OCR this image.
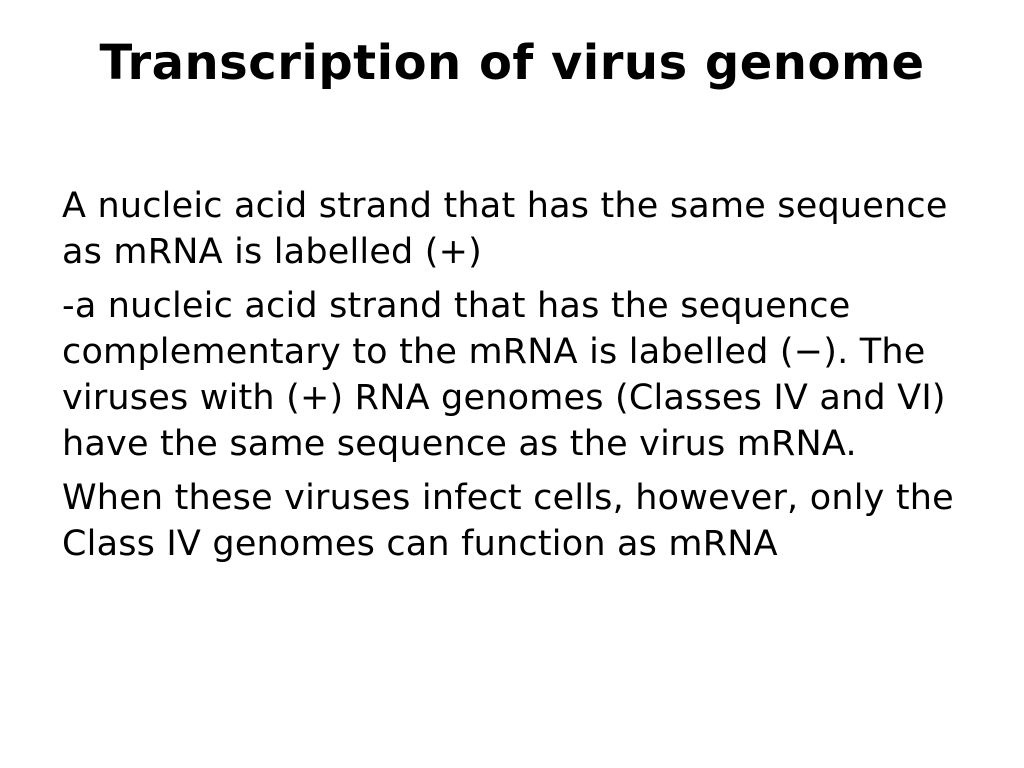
Transcription of virus genome

A nucleic acid strand that has the same sequence as mRNA is labelled (+)

-a nucleic acid strand that has the sequence complementary to the mRNA is labelled (−). The viruses with (+) RNA genomes (Classes IV and VI) have the same sequence as the virus mRNA.

When these viruses infect cells, however, only the Class IV genomes can function as mRNA
